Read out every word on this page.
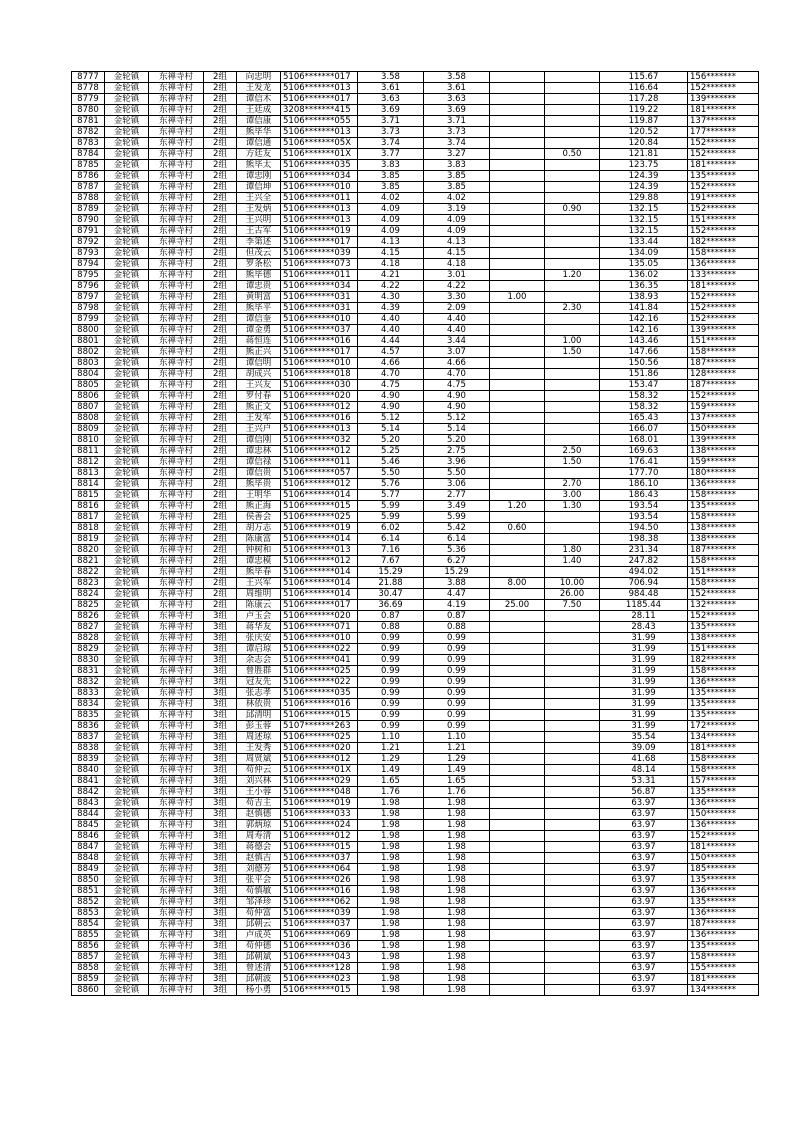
8777	金轮镇	东禅寺村	2组	向忠明	5106*******017	3.58	3.58			115.67	156*******
8778	金轮镇	东禅寺村	2组	王发龙	5106*******013	3.61	3.61			116.64	152*******
8779	金轮镇	东禅寺村	2组	谭信木	5106*******017	3.63	3.63			117.28	139*******
8780	金轮镇	东禅寺村	2组	王廷成	3208*******415	3.69	3.69			119.22	181*******
8781	金轮镇	东禅寺村	2组	谭信康	5106*******055	3.71	3.71			119.87	137*******
8782	金轮镇	东禅寺村	2组	熊毕华	5106*******013	3.73	3.73			120.52	177*******
8783	金轮镇	东禅寺村	2组	谭信通	5106*******05X	3.74	3.74			120.84	152*******
8784	金轮镇	东禅寺村	2组	方廷友	5106*******01X	3.77	3.27		0.50	121.81	152*******
8785	金轮镇	东禅寺村	2组	熊毕太	5106*******035	3.83	3.83			123.75	181*******
8786	金轮镇	东禅寺村	2组	谭忠刚	5106*******034	3.85	3.85			124.39	135*******
8787	金轮镇	东禅寺村	2组	谭信坤	5106*******010	3.85	3.85			124.39	152*******
8788	金轮镇	东禅寺村	2组	王兴全	5106*******011	4.02	4.02			129.88	191*******
8789	金轮镇	东禅寺村	2组	王发炳	5106*******013	4.09	3.19		0.90	132.15	152*******
8790	金轮镇	东禅寺村	2组	王兴明	5106*******013	4.09	4.09			132.15	151*******
8791	金轮镇	东禅寺村	2组	王古军	5106*******019	4.09	4.09			132.15	152*******
8792	金轮镇	东禅寺村	2组	李第述	5106*******017	4.13	4.13			133.44	182*******
8793	金轮镇	东禅寺村	2组	但茂云	5106*******039	4.15	4.15			134.09	158*******
8794	金轮镇	东禅寺村	2组	罗条松	5106*******073	4.18	4.18			135.05	136*******
8795	金轮镇	东禅寺村	2组	熊毕德	5106*******011	4.21	3.01		1.20	136.02	133*******
8796	金轮镇	东禅寺村	2组	谭忠贵	5106*******034	4.22	4.22			136.35	181*******
8797	金轮镇	东禅寺村	2组	黄明富	5106*******031	4.30	3.30	1.00		138.93	152*******
8798	金轮镇	东禅寺村	2组	熊毕平	5106*******031	4.39	2.09		2.30	141.84	152*******
8799	金轮镇	东禅寺村	2组	谭信奎	5106*******010	4.40	4.40			142.16	152*******
8800	金轮镇	东禅寺村	2组	谭金勇	5106*******037	4.40	4.40			142.16	139*******
8801	金轮镇	东禅寺村	2组	蒋恒连	5106*******016	4.44	3.44		1.00	143.46	151*******
8802	金轮镇	东禅寺村	2组	熊正兴	5106*******017	4.57	3.07		1.50	147.66	158*******
8803	金轮镇	东禅寺村	2组	谭信明	5106*******010	4.66	4.66			150.56	187*******
8804	金轮镇	东禅寺村	2组	胡成兴	5106*******018	4.70	4.70			151.86	128*******
8805	金轮镇	东禅寺村	2组	王兴友	5106*******030	4.75	4.75			153.47	187*******
8806	金轮镇	东禅寺村	2组	罗付春	5106*******020	4.90	4.90			158.32	152*******
8807	金轮镇	东禅寺村	2组	熊正文	5106*******012	4.90	4.90			158.32	159*******
8808	金轮镇	东禅寺村	2组	王发军	5106*******016	5.12	5.12			165.43	137*******
8809	金轮镇	东禅寺村	2组	王兴户	5106*******013	5.14	5.14			166.07	150*******
8810	金轮镇	东禅寺村	2组	谭信刚	5106*******032	5.20	5.20			168.01	139*******
8811	金轮镇	东禅寺村	2组	谭忠林	5106*******012	5.25	2.75		2.50	169.63	138*******
8812	金轮镇	东禅寺村	2组	谭信禄	5106*******011	5.46	3.96		1.50	176.41	159*******
8813	金轮镇	东禅寺村	2组	谭信贵	5106*******057	5.50	5.50			177.70	180*******
8814	金轮镇	东禅寺村	2组	熊毕贵	5106*******012	5.76	3.06		2.70	186.10	136*******
8815	金轮镇	东禅寺村	2组	王明华	5106*******014	5.77	2.77		3.00	186.43	158*******
8816	金轮镇	东禅寺村	2组	熊正海	5106*******015	5.99	3.49	1.20	1.30	193.54	135*******
8817	金轮镇	东禅寺村	2组	侯善会	5106*******025	5.99	5.99			193.54	158*******
8818	金轮镇	东禅寺村	2组	胡万志	5106*******019	6.02	5.42	0.60		194.50	138*******
8819	金轮镇	东禅寺村	2组	陈康富	5106*******014	6.14	6.14			198.38	138*******
8820	金轮镇	东禅寺村	2组	钟树和	5106*******013	7.16	5.36		1.80	231.34	187*******
8821	金轮镇	东禅寺村	2组	谭忠模	5106*******012	7.67	6.27		1.40	247.82	158*******
8822	金轮镇	东禅寺村	2组	熊毕春	5106*******014	15.29	15.29			494.02	151*******
8823	金轮镇	东禅寺村	2组	王兴军	5106*******014	21.88	3.88	8.00	10.00	706.94	158*******
8824	金轮镇	东禅寺村	2组	周维明	5106*******014	30.47	4.47		26.00	984.48	152*******
8825	金轮镇	东禅寺村	2组	陈康云	5106*******017	36.69	4.19	25.00	7.50	1185.44	132*******
8826	金轮镇	东禅寺村	3组	卢玉会	5106*******020	0.87	0.87			28.11	152*******
8827	金轮镇	东禅寺村	3组	蒋华友	5106*******071	0.88	0.88			28.43	135*******
8828	金轮镇	东禅寺村	3组	张庆安	5106*******010	0.99	0.99			31.99	138*******
8829	金轮镇	东禅寺村	3组	谭启琼	5106*******022	0.99	0.99			31.99	151*******
8830	金轮镇	东禅寺村	3组	余志会	5106*******041	0.99	0.99			31.99	182*******
8831	金轮镇	东禅寺村	3组	曾胜群	5106*******025	0.99	0.99			31.99	158*******
8832	金轮镇	东禅寺村	3组	冠友先	5106*******022	0.99	0.99			31.99	136*******
8833	金轮镇	东禅寺村	3组	张志孝	5106*******035	0.99	0.99			31.99	135*******
8834	金轮镇	东禅寺村	3组	林依贵	5106*******016	0.99	0.99			31.99	135*******
8835	金轮镇	东禅寺村	3组	邱清明	5106*******015	0.99	0.99			31.99	135*******
8836	金轮镇	东禅寺村	3组	彭玉蓉	5107*******263	0.99	0.99			31.99	172*******
8837	金轮镇	东禅寺村	3组	周述琼	5106*******025	1.10	1.10			35.54	134*******
8838	金轮镇	东禅寺村	3组	王发秀	5106*******020	1.21	1.21			39.09	181*******
8839	金轮镇	东禅寺村	3组	周贤斌	5106*******012	1.29	1.29			41.68	158*******
8840	金轮镇	东禅寺村	3组	苟仲云	5106*******01X	1.49	1.49			48.14	158*******
8841	金轮镇	东禅寺村	3组	刘兴林	5106*******029	1.65	1.65			53.31	157*******
8842	金轮镇	东禅寺村	3组	王小蓉	5106*******048	1.76	1.76			56.87	135*******
8843	金轮镇	东禅寺村	3组	苟吉主	5106*******019	1.98	1.98			63.97	136*******
8844	金轮镇	东禅寺村	3组	赵慎德	5106*******033	1.98	1.98			63.97	150*******
8845	金轮镇	东禅寺村	3组	郭炳琼	5106*******024	1.98	1.98			63.97	136*******
8846	金轮镇	东禅寺村	3组	周寿清	5106*******012	1.98	1.98			63.97	152*******
8847	金轮镇	东禅寺村	3组	蒋德会	5106*******015	1.98	1.98			63.97	181*******
8848	金轮镇	东禅寺村	3组	赵慎吉	5106*******037	1.98	1.98			63.97	150*******
8849	金轮镇	东禅寺村	3组	刘德芳	5106*******064	1.98	1.98			63.97	185*******
8850	金轮镇	东禅寺村	3组	张平会	5106*******026	1.98	1.98			63.97	135*******
8851	金轮镇	东禅寺村	3组	苟慎敏	5106*******016	1.98	1.98			63.97	136*******
8852	金轮镇	东禅寺村	3组	邹泽珍	5106*******062	1.98	1.98			63.97	135*******
8853	金轮镇	东禅寺村	3组	苟仲富	5106*******039	1.98	1.98			63.97	136*******
8854	金轮镇	东禅寺村	3组	邱朝云	5106*******037	1.98	1.98			63.97	187*******
8855	金轮镇	东禅寺村	3组	卢成英	5106*******069	1.98	1.98			63.97	136*******
8856	金轮镇	东禅寺村	3组	苟仲德	5106*******036	1.98	1.98			63.97	135*******
8857	金轮镇	东禅寺村	3组	邱朝斌	5106*******043	1.98	1.98			63.97	158*******
8858	金轮镇	东禅寺村	3组	曾述清	5106*******128	1.98	1.98			63.97	155*******
8859	金轮镇	东禅寺村	3组	邱朝波	5106*******023	1.98	1.98			63.97	181*******
8860	金轮镇	东禅寺村	3组	杨小勇	5106*******015	1.98	1.98			63.97	134*******
